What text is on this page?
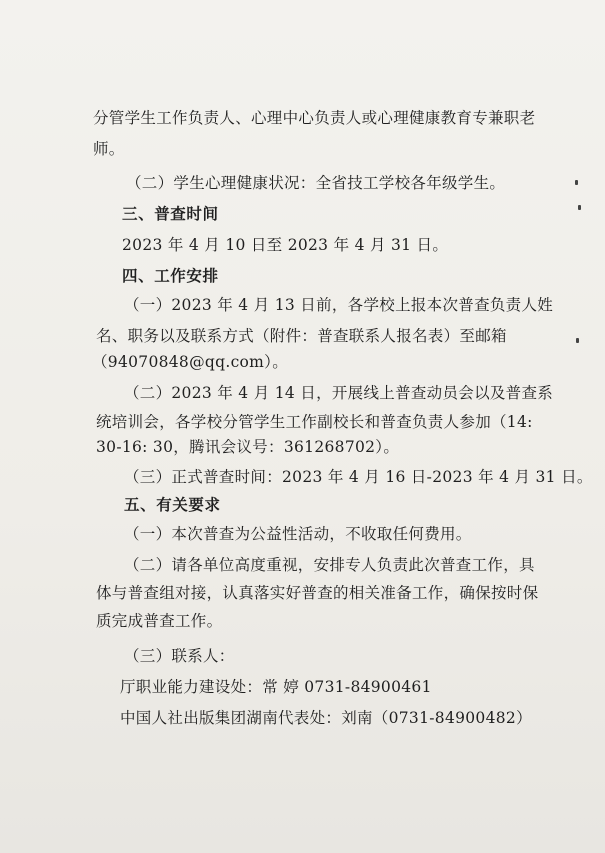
分管学生工作负责人、心理中心负责人或心理健康教育专兼职老
师。
（二）学生心理健康状况：全省技工学校各年级学生。
三、普查时间
2023 年 4 月 10 日至 2023 年 4 月 31 日。
四、工作安排
（一）2023 年 4 月 13 日前，各学校上报本次普查负责人姓
名、职务以及联系方式（附件：普查联系人报名表）至邮箱
（94070848@qq.com）。
（二）2023 年 4 月 14 日，开展线上普查动员会以及普查系
统培训会，各学校分管学生工作副校长和普查负责人参加（14:
30-16: 30，腾讯会议号：361268702）。
（三）正式普查时间：2023 年 4 月 16 日-2023 年 4 月 31 日。
五、有关要求
（一）本次普查为公益性活动，不收取任何费用。
（二）请各单位高度重视，安排专人负责此次普查工作，具
体与普查组对接，认真落实好普查的相关准备工作，确保按时保
质完成普查工作。
（三）联系人：
厅职业能力建设处：常 婷 0731-84900461
中国人社出版集团湖南代表处：刘南（0731-84900482）
